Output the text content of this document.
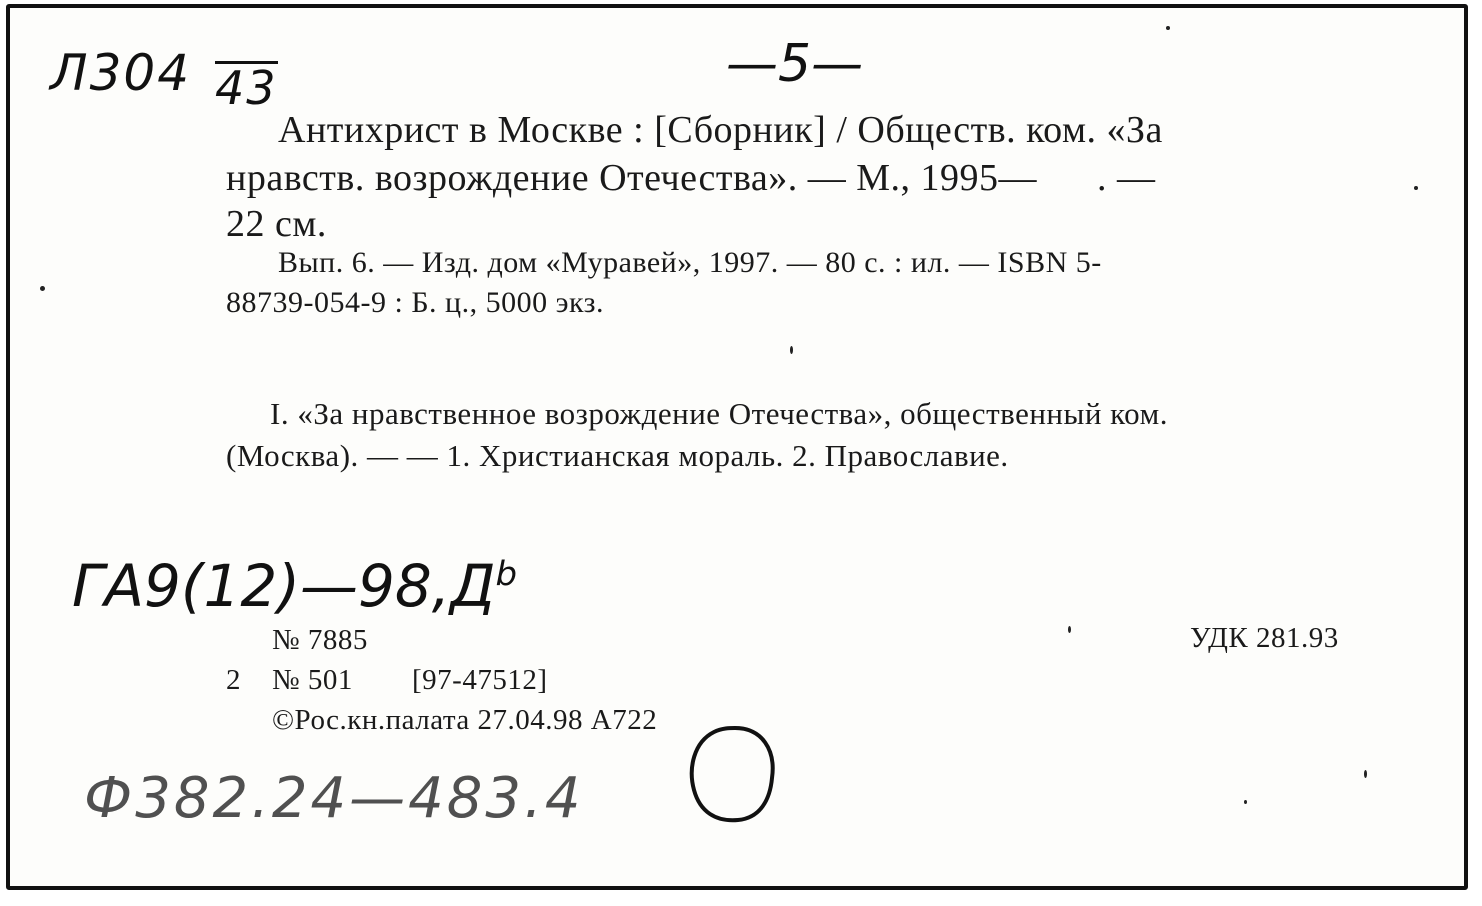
Л304 43	—5—
Антихрист в Москве : [Сборник] / Обществ. ком. «За
нравств. возрождение Отечества». — М., 1995—      . —
22 см.
Вып. 6. — Изд. дом «Муравей», 1997. — 80 с. : ил. — ISBN 5-
88739-054-9 : Б. ц., 5000 экз.
I. «За нравственное возрождение Отечества», общественный ком.
(Москва). — — 1. Христианская мораль. 2. Православие.
$ГА9(12)—98,Д^b$
№ 7885	УДК 281.93
2 № 501 [97-47512]
©Рос.кн.палата 27.04.98 А722
Ф382.24—483.4
